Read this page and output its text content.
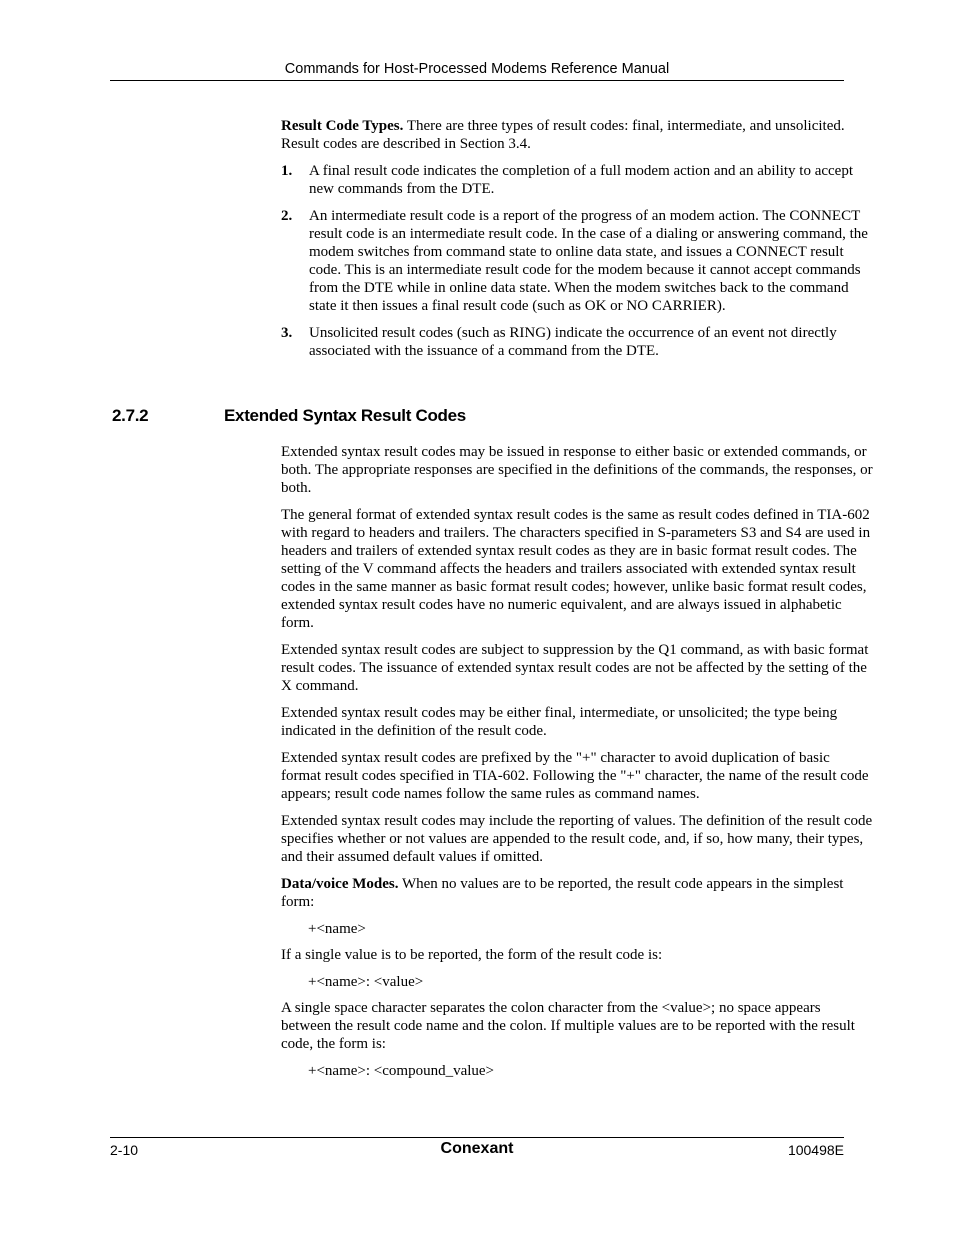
Commands for Host-Processed Modems Reference Manual

Result Code Types. There are three types of result codes: final, intermediate, and unsolicited. Result codes are described in Section 3.4.

1.	A final result code indicates the completion of a full modem action and an ability to accept new commands from the DTE.
2.	An intermediate result code is a report of the progress of an modem action. The CONNECT result code is an intermediate result code. In the case of a dialing or answering command, the modem switches from command state to online data state, and issues a CONNECT result code. This is an intermediate result code for the modem because it cannot accept commands from the DTE while in online data state. When the modem switches back to the command state it then issues a final result code (such as OK or NO CARRIER).
3.	Unsolicited result codes (such as RING) indicate the occurrence of an event not directly associated with the issuance of a command from the DTE.
2.7.2	Extended Syntax Result Codes

Extended syntax result codes may be issued in response to either basic or extended commands, or both. The appropriate responses are specified in the definitions of the commands, the responses, or both.

The general format of extended syntax result codes is the same as result codes defined in TIA-602 with regard to headers and trailers. The characters specified in S-parameters S3 and S4 are used in headers and trailers of extended syntax result codes as they are in basic format result codes. The setting of the V command affects the headers and trailers associated with extended syntax result codes in the same manner as basic format result codes; however, unlike basic format result codes, extended syntax result codes have no numeric equivalent, and are always issued in alphabetic form.

Extended syntax result codes are subject to suppression by the Q1 command, as with basic format result codes. The issuance of extended syntax result codes are not be affected by the setting of the X command.

Extended syntax result codes may be either final, intermediate, or unsolicited; the type being indicated in the definition of the result code.

Extended syntax result codes are prefixed by the "+" character to avoid duplication of basic format result codes specified in TIA-602. Following the "+" character, the name of the result code appears; result code names follow the same rules as command names.

Extended syntax result codes may include the reporting of values. The definition of the result code specifies whether or not values are appended to the result code, and, if so, how many, their types, and their assumed default values if omitted.

Data/voice Modes. When no values are to be reported, the result code appears in the simplest form:

+<name>

If a single value is to be reported, the form of the result code is:

+<name>: <value>

A single space character separates the colon character from the <value>; no space appears between the result code name and the colon. If multiple values are to be reported with the result code, the form is:

+<name>: <compound_value>

2-10	Conexant	100498E
